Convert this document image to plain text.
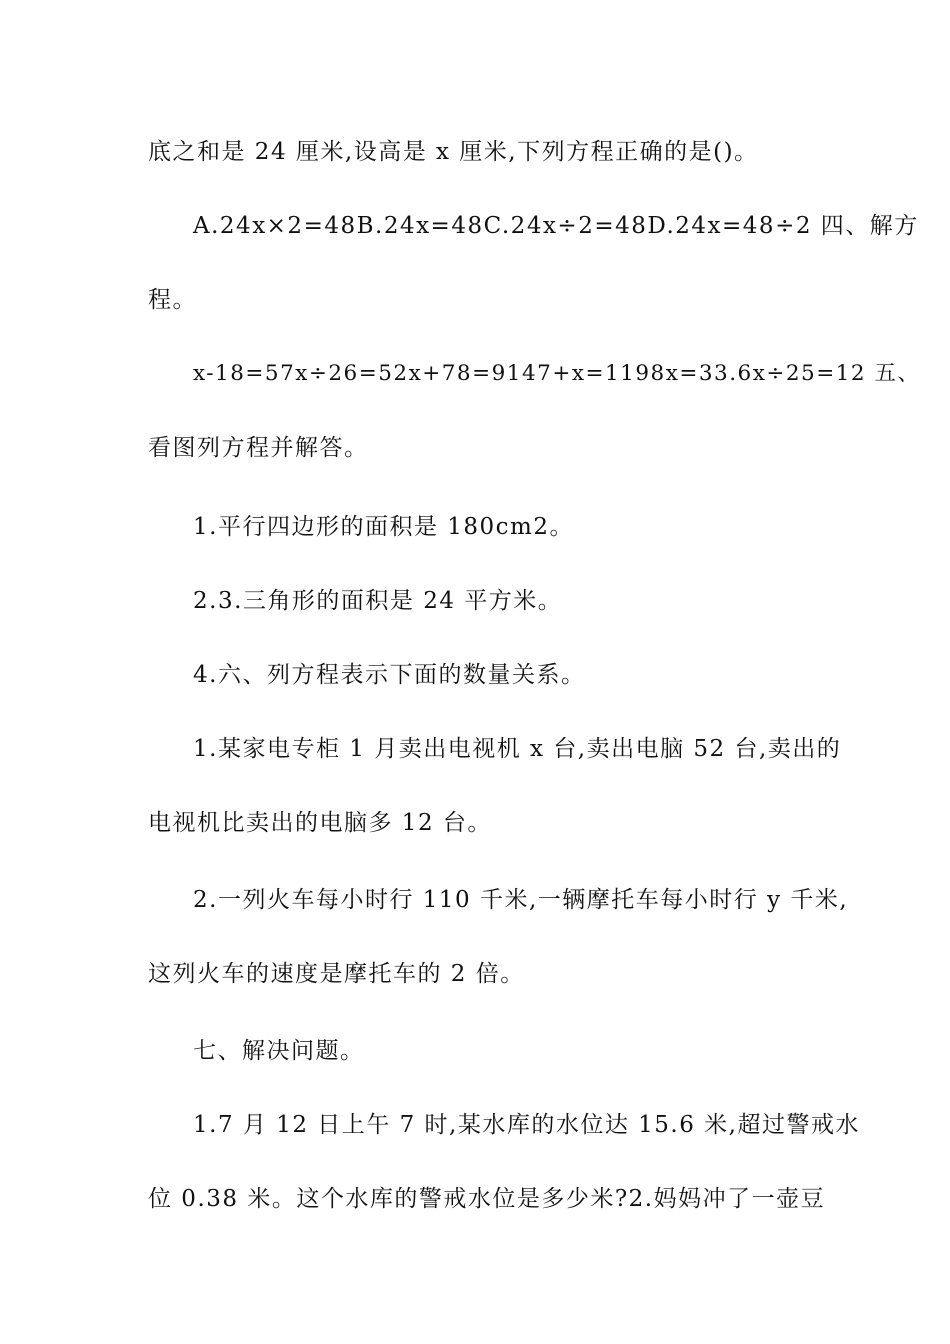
底之和是 24 厘米,设高是 x 厘米,下列方程正确的是()。
A.24x×2=48B.24x=48C.24x÷2=48D.24x=48÷2 四、解方
程。
x-18=57x÷26=52x+78=9147+x=1198x=33.6x÷25=12 五、
看图列方程并解答。
1.平行四边形的面积是 180cm2。
2.3.三角形的面积是 24 平方米。
4.六、列方程表示下面的数量关系。
1.某家电专柜 1 月卖出电视机 x 台,卖出电脑 52 台,卖出的
电视机比卖出的电脑多 12 台。
2.一列火车每小时行 110 千米,一辆摩托车每小时行 y 千米,
这列火车的速度是摩托车的 2 倍。
七、解决问题。
1.7 月 12 日上午 7 时,某水库的水位达 15.6 米,超过警戒水
位 0.38 米。这个水库的警戒水位是多少米?2.妈妈冲了一壶豆
